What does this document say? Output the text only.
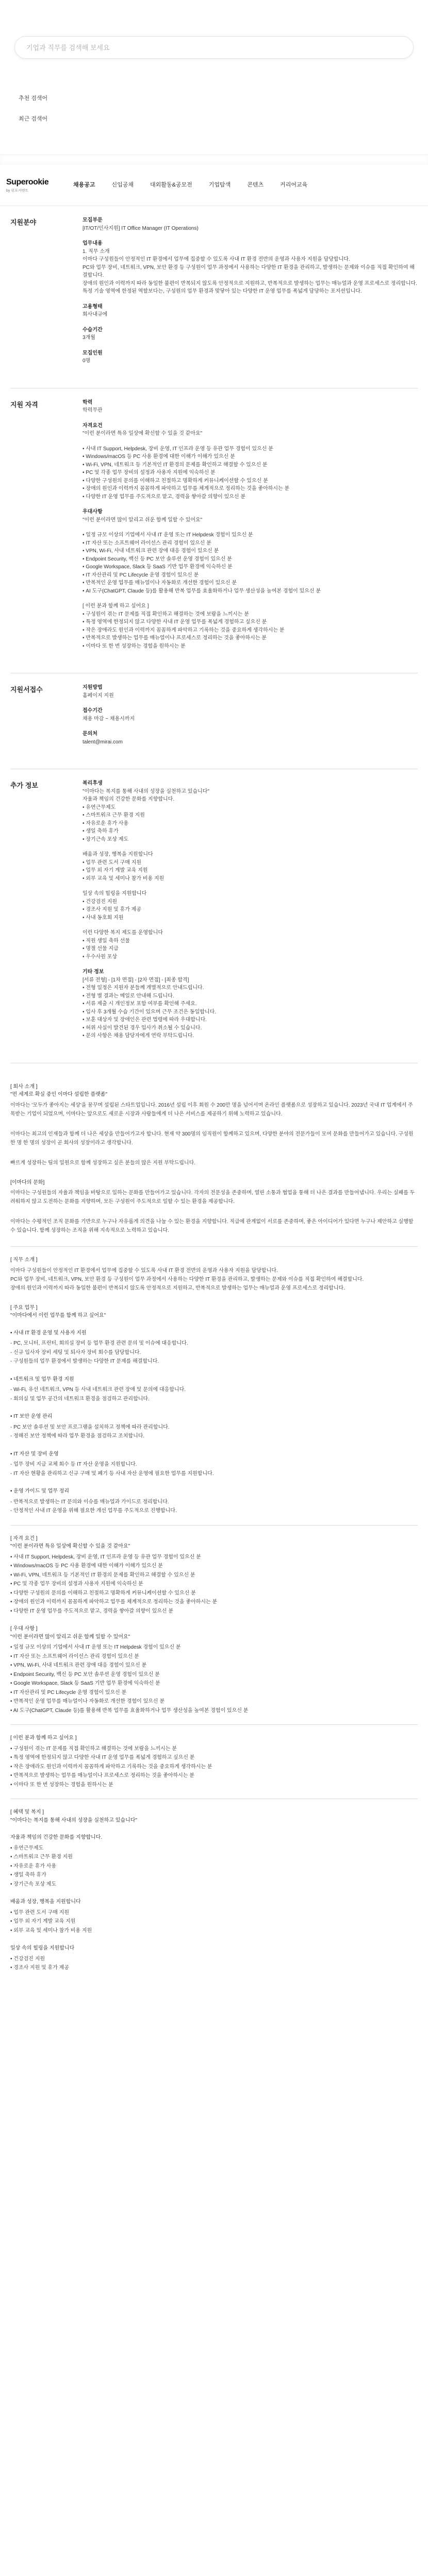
기업과 직무를 검색해 보세요
추천 검색어
최근 검색어
Superookie
by 위포커맨트
채용공고	신입공채	대외활동&공모전	기업탐색	콘텐츠	커리어교육
지원분야	모집부문
[IT/OT/인사지원] IT Office Manager (IT Operations)
업무내용
1. 직무 소개
이마다 구성원들이 안정적인 IT 환경에서 업무에 집중할 수 있도록 사내 IT 환경 전반의 운영과 사용자 지원을 담당합니다.
PC와 업무 장비, 네트워크, VPN, 보안 환경 등 구성원이 업무 과정에서 사용하는 다양한 IT 환경을 관리하고, 발생하는 문제와 이슈를 직접 확인하여 해결합니다.
장애의 원인과 이력까지 따라 동일한 불편이 반복되지 않도록 안정적으로 지원하고, 반복적으로 발생하는 업무는 매뉴얼과 운영 프로세스로 정리합니다.
특정 기술 영역에 한정된 역할보다는, 구성원의 업무 환경과 맞닿아 있는 다양한 IT 운영 업무를 폭넓게 담당하는 포지션입니다.
고용형태
회사내규에
수습기간
3개월
모집인원
0명
지원 자격	학력
학력무관
자격요건
"이런 분이라면 특유 일상에 확신할 수 있을 것 같아요"
• 사내 IT Support, Helpdesk, 장비 운영, IT 인프라 운영 등 유관 업무 경험이 있으신 분
• Windows/macOS 등 PC 사용 환경에 대한 이해가 이해가 있으신 분
• Wi-Fi, VPN, 네트워크 등 기본적인 IT 환경의 문제를 확인하고 해결할 수 있으신 분
• PC 및 각종 업무 장비의 설정과 사용자 지원에 익숙하신 분
• 다양한 구성원의 문의를 이해하고 친절하고 명확하게 커뮤니케이션할 수 있으신 분
• 장애의 원인과 이력까지 꼼꼼하게 파악하고 업무를 체계적으로 정리하는 것을 좋아하시는 분
• 다양한 IT 운영 업무를 주도적으로 맡고, 경력을 쌓아갈 의향이 있으신 분
우대사항
"이런 분이라면 많이 알리고 쉬운 함께 일할 수 있어요"
• 일정 규모 이상의 기업에서 사내 IT 운영 또는 IT Helpdesk 경험이 있으신 분
• IT 자산 또는 소프트웨어 라이선스 관리 경험이 있으신 분
• VPN, Wi-Fi, 사내 네트워크 관련 장애 대응 경험이 있으신 분
• Endpoint Security, 백신 등 PC 보안 솔루션 운영 경험이 있으신 분
• Google Workspace, Slack 등 SaaS 기반 업무 환경에 익숙하신 분
• IT 자산관리 및 PC Lifecycle 운영 경험이 있으신 분
• 반복적인 운영 업무를 매뉴얼이나 자동화로 개선한 경험이 있으신 분
• AI 도구(ChatGPT, Claude 등)를 활용해 반복 업무를 효율화하거나 업무 생산성을 높여본 경험이 있으신 분
[ 이런 분과 함께 하고 싶어요 ]
• 구성원이 겪는 IT 문제를 직접 확인하고 해결하는 것에 보람을 느끼시는 분
• 특정 영역에 한정되지 않고 다양한 사내 IT 운영 업무를 폭넓게 경험하고 싶으신 분
• 작은 장애라도 원인과 이력까지 꼼꼼하게 파악하고 기록하는 것을 중요하게 생각하시는 분
• 반복적으로 발생하는 업무를 매뉴얼이나 프로세스로 정리하는 것을 좋아하시는 분
• 이마다 또 한 번 성장하는 경험을 원하시는 분
지원서접수	지원방법
홈페이지 지원
접수기간
채용 마감 ~ 채용시까지
문의처
talent@mirai.com
추가 정보	복리후생
"이마다는 복지를 통해 사내의 성장을 실천하고 있습니다"
자율과 책임의 건강한 문화를 지향합니다.
• 유연근무제도
• 스마트워크 근무 환경 지원
• 자유로운 휴가 사용
• 생일 축하 휴가
• 장기근속 포상 제도
배움과 성장, 행복을 지원합니다
• 업무 관련 도서 구매 지원
• 업무 외 자기 계발 교육 지원
• 외부 교육 및 세미나 참가 비용 지원
일상 속의 힐링을 지원합니다
• 건강검진 지원
• 경조사 지원 및 휴가 제공
• 사내 동호회 지원
이런 다양한 복지 제도를 운영합니다
• 직원 생일 축하 선물
• 명절 선물 지급
• 우수사원 포상
기타 정보
[서류 전형] - [1차 면접] - [2차 면접] - [최종 합격]
• 전형 일정은 지원자 분들께 개별적으로 안내드립니다.
• 전형 별 결과는 메일로 안내해 드립니다.
• 서류 제출 시 개인정보 포함 여부를 확인해 주세요.
• 입사 후 3개월 수습 기간이 있으며 근무 조건은 동일합니다.
• 보훈 대상자 및 장애인은 관련 법령에 따라 우대합니다.
• 허위 사실이 발견된 경우 입사가 취소될 수 있습니다.
• 문의 사항은 채용 담당자에게 연락 부탁드립니다.
[ 회사 소개 ]
"먼 세계로 확실 중인 이마다 설립한 플랫폼"
이마다는 '모두가 좋아지는 세상'을 꿈꾸며 설립된 스타트업입니다. 2016년 설립 이후 회원 수 200만 명을 넘어서며 온라인 플랫폼으로 성장하고 있습니다. 2023년 국내 IT 업계에서 주목받는 기업이 되었으며, 이마다는 앞으로도 새로운 시장과 사람들에게 더 나은 서비스를 제공하기 위해 노력하고 있습니다.
이마다는 최고의 인재들과 함께 더 나은 세상을 만들어가고자 합니다. 현재 약 300명의 임직원이 함께하고 있으며, 다양한 분야의 전문가들이 모여 문화를 만들어가고 있습니다. 구성원 한 명 한 명의 성장이 곧 회사의 성장이라고 생각합니다.
빠르게 성장하는 팀의 일원으로 함께 성장하고 싶은 분들의 많은 지원 부탁드립니다.
[이마다의 문화]
이마다는 구성원들의 자율과 책임을 바탕으로 일하는 문화를 만들어가고 있습니다. 각자의 전문성을 존중하며, 열린 소통과 협업을 통해 더 나은 결과를 만들어냅니다. 우리는 실패를 두려워하지 않고 도전하는 문화를 지향하며, 모든 구성원이 주도적으로 일할 수 있는 환경을 제공합니다.
이마다는 수평적인 조직 문화를 기반으로 누구나 자유롭게 의견을 나눌 수 있는 환경을 지향합니다. 직급에 관계없이 서로를 존중하며, 좋은 아이디어가 있다면 누구나 제안하고 실행할 수 있습니다. 함께 성장하는 조직을 위해 지속적으로 노력하고 있습니다.
[ 직무 소개 ]
이마다 구성원들이 안정적인 IT 환경에서 업무에 집중할 수 있도록 사내 IT 환경 전반의 운영과 사용자 지원을 담당합니다.
PC와 업무 장비, 네트워크, VPN, 보안 환경 등 구성원이 업무 과정에서 사용하는 다양한 IT 환경을 관리하고, 발생하는 문제와 이슈를 직접 확인하여 해결합니다.
장애의 원인과 이력까지 따라 동일한 불편이 반복되지 않도록 안정적으로 지원하고, 반복적으로 발생하는 업무는 매뉴얼과 운영 프로세스로 정리합니다.
[ 주요 업무 ]
"이마다에서 이런 업무를 함께 하고 싶어요"
• 사내 IT 환경 운영 및 사용자 지원
- PC, 모니터, 프린터, 회의실 장비 등 업무 환경 관련 문의 및 이슈에 대응합니다.
- 신규 입사자 장비 세팅 및 퇴사자 장비 회수를 담당합니다.
- 구성원들의 업무 환경에서 발생하는 다양한 IT 문제를 해결합니다.
• 네트워크 및 업무 환경 지원
- Wi-Fi, 유선 네트워크, VPN 등 사내 네트워크 관련 장애 및 문의에 대응합니다.
- 회의실 및 업무 공간의 네트워크 환경을 점검하고 관리합니다.
• IT 보안 운영 관리
- PC 보안 솔루션 및 보안 프로그램을 설치하고 정책에 따라 관리합니다.
- 정해진 보안 정책에 따라 업무 환경을 점검하고 조치합니다.
• IT 자산 및 장비 운영
- 업무 장비 지급 교체 회수 등 IT 자산 운영을 지원합니다.
- IT 자산 현황을 관리하고 신규 구매 및 폐기 등 사내 자산 운영에 필요한 업무를 지원합니다.
• 운영 가이드 및 업무 정리
- 반복적으로 발생하는 IT 문의와 이슈를 매뉴얼과 가이드로 정리합니다.
- 안정적인 사내 IT 운영을 위해 필요한 개선 업무를 주도적으로 진행합니다.
[ 자격 요건 ]
"이런 분이라면 특유 일상에 확신할 수 있을 것 같아요"
• 사내 IT Support, Helpdesk, 장비 운영, IT 인프라 운영 등 유관 업무 경험이 있으신 분
• Windows/macOS 등 PC 사용 환경에 대한 이해가 이해가 있으신 분
• Wi-Fi, VPN, 네트워크 등 기본적인 IT 환경의 문제를 확인하고 해결할 수 있으신 분
• PC 및 각종 업무 장비의 설정과 사용자 지원에 익숙하신 분
• 다양한 구성원의 문의를 이해하고 친절하고 명확하게 커뮤니케이션할 수 있으신 분
• 장애의 원인과 이력까지 꼼꼼하게 파악하고 업무를 체계적으로 정리하는 것을 좋아하시는 분
• 다양한 IT 운영 업무를 주도적으로 맡고, 경력을 쌓아갈 의향이 있으신 분
[ 우대 사항 ]
"이런 분이라면 많이 알리고 쉬운 함께 일할 수 있어요"
• 일정 규모 이상의 기업에서 사내 IT 운영 또는 IT Helpdesk 경험이 있으신 분
• IT 자산 또는 소프트웨어 라이선스 관리 경험이 있으신 분
• VPN, Wi-Fi, 사내 네트워크 관련 장애 대응 경험이 있으신 분
• Endpoint Security, 백신 등 PC 보안 솔루션 운영 경험이 있으신 분
• Google Workspace, Slack 등 SaaS 기반 업무 환경에 익숙하신 분
• IT 자산관리 및 PC Lifecycle 운영 경험이 있으신 분
• 반복적인 운영 업무를 매뉴얼이나 자동화로 개선한 경험이 있으신 분
• AI 도구(ChatGPT, Claude 등)를 활용해 반복 업무를 효율화하거나 업무 생산성을 높여본 경험이 있으신 분
[ 이런 분과 함께 하고 싶어요 ]
• 구성원이 겪는 IT 문제를 직접 확인하고 해결하는 것에 보람을 느끼시는 분
• 특정 영역에 한정되지 않고 다양한 사내 IT 운영 업무를 폭넓게 경험하고 싶으신 분
• 작은 장애라도 원인과 이력까지 꼼꼼하게 파악하고 기록하는 것을 중요하게 생각하시는 분
• 반복적으로 발생하는 업무를 매뉴얼이나 프로세스로 정리하는 것을 좋아하시는 분
• 이마다 또 한 번 성장하는 경험을 원하시는 분
[ 혜택 및 복지 ]
"이마다는 복지를 통해 사내의 성장을 실천하고 있습니다"
자율과 책임의 건강한 문화를 지향합니다.
• 유연근무제도
• 스마트워크 근무 환경 지원
• 자유로운 휴가 사용
• 생일 축하 휴가
• 장기근속 포상 제도
배움과 성장, 행복을 지원합니다
• 업무 관련 도서 구매 지원
• 업무 외 자기 계발 교육 지원
• 외부 교육 및 세미나 참가 비용 지원
일상 속의 힐링을 지원합니다
• 건강검진 지원
• 경조사 지원 및 휴가 제공
